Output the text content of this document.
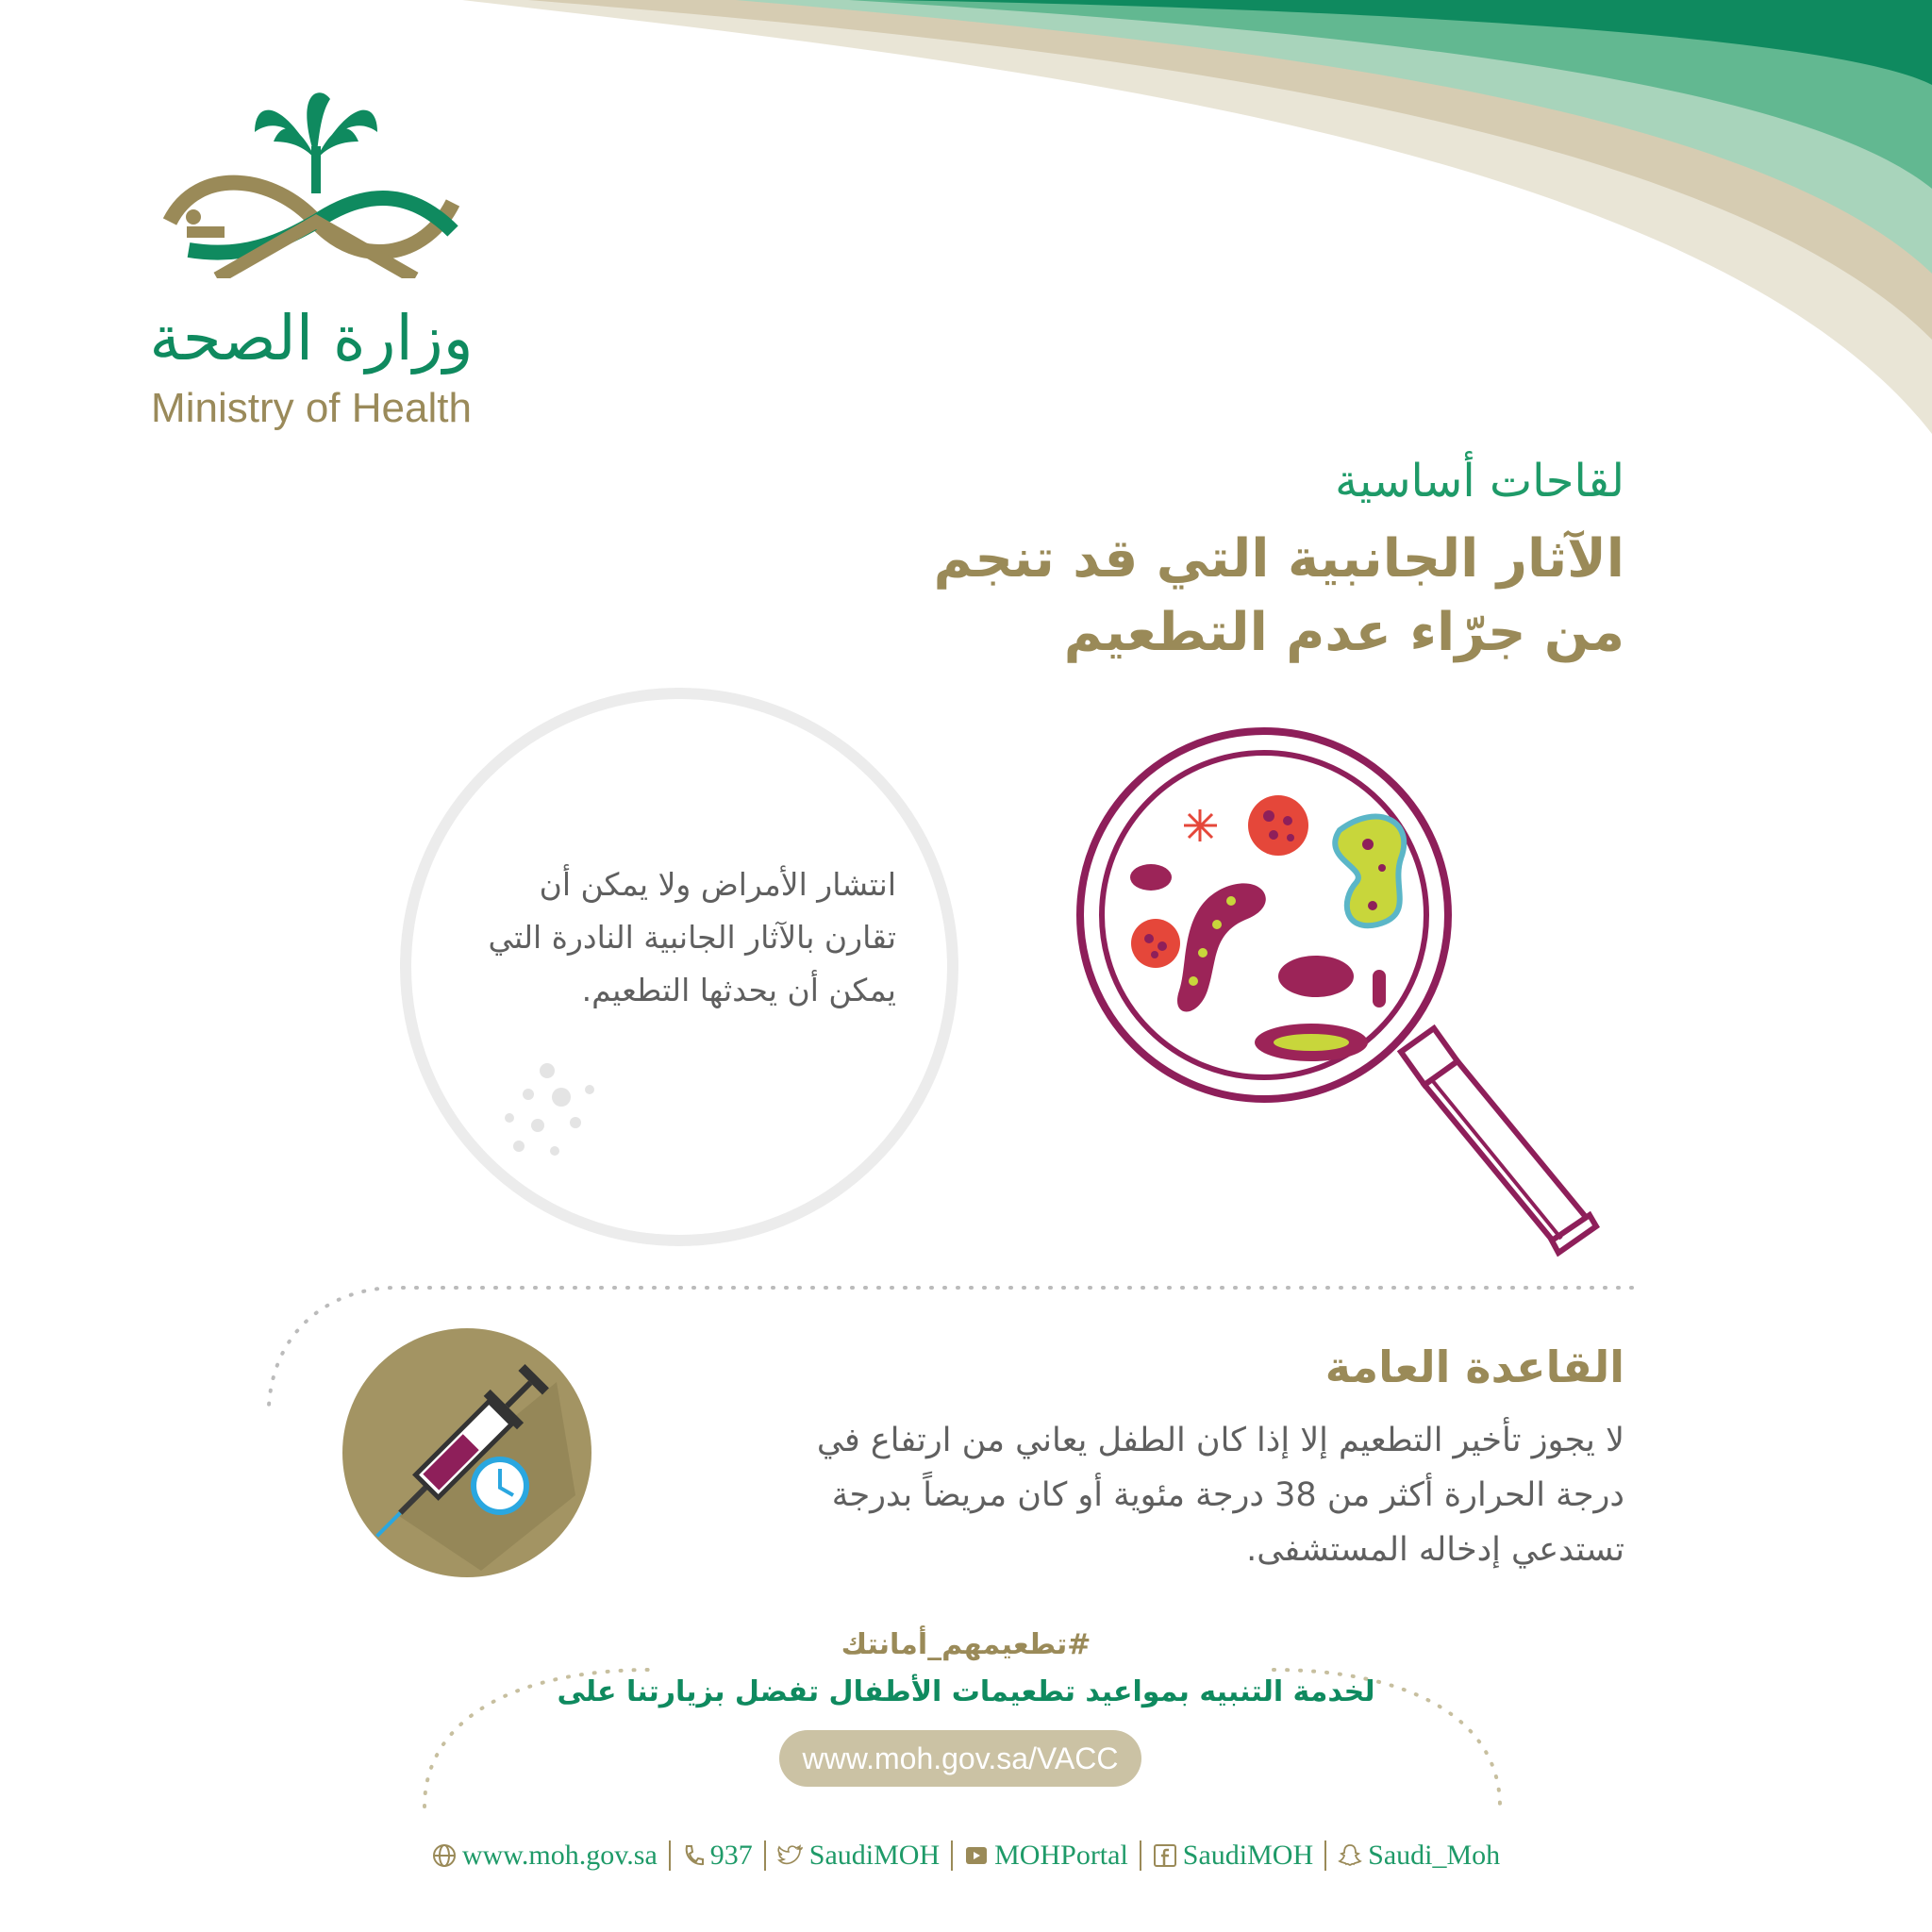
وزارة الصحة
Ministry of Health
لقاحات أساسية
الآثار الجانبية التي قد تنجم
من جرّاء عدم التطعيم
انتشار الأمراض ولا يمكن أن تقارن بالآثار الجانبية النادرة التي يمكن أن يحدثها التطعيم.
القاعدة العامة
لا يجوز تأخير التطعيم إلا إذا كان الطفل يعاني من ارتفاع في درجة الحرارة أكثر من 38 درجة مئوية أو كان مريضاً بدرجة تستدعي إدخاله المستشفى.
#تطعيمهم_أمانتك
لخدمة التنبيه بمواعيد تطعيمات الأطفال تفضل بزيارتنا على
www.moh.gov.sa/VACC
www.moh.gov.sa 937 SaudiMOH MOHPortal SaudiMOH Saudi_Moh
